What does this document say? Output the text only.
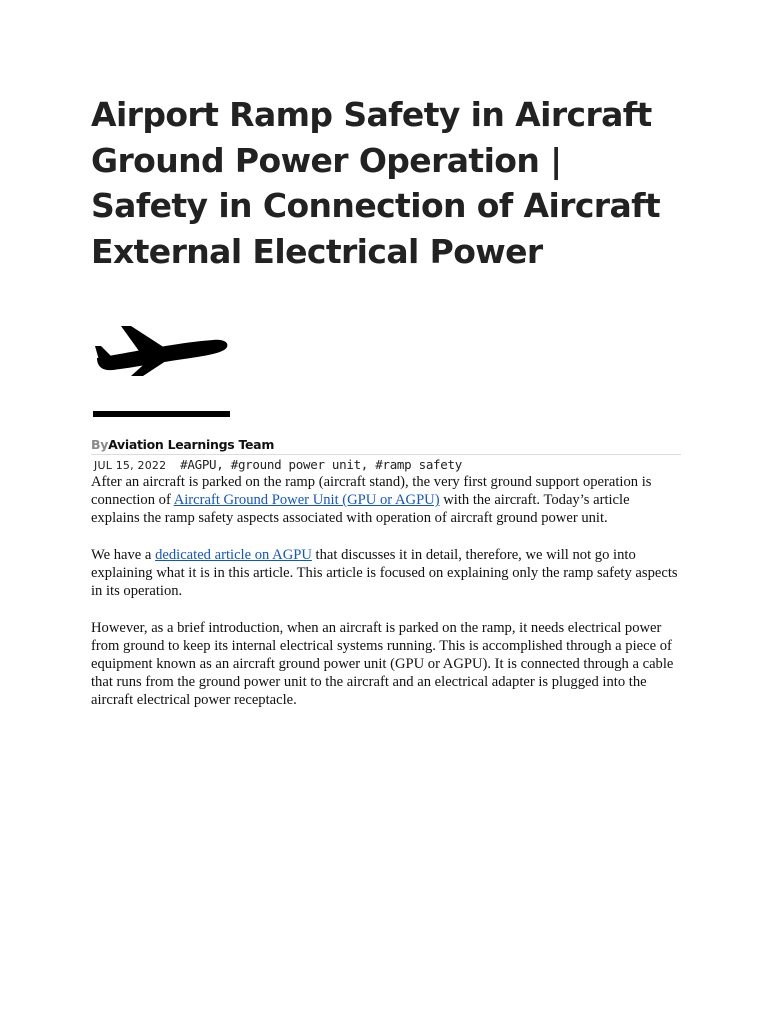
Airport Ramp Safety in Aircraft Ground Power Operation | Safety in Connection of Aircraft External Electrical Power
ByAviation Learnings Team
JUL 15, 2022 #AGPU, #ground power unit, #ramp safety

After an aircraft is parked on the ramp (aircraft stand), the very first ground support operation is connection of Aircraft Ground Power Unit (GPU or AGPU) with the aircraft. Today’s article explains the ramp safety aspects associated with operation of aircraft ground power unit.

We have a dedicated article on AGPU that discusses it in detail, therefore, we will not go into explaining what it is in this article. This article is focused on explaining only the ramp safety aspects in its operation.

However, as a brief introduction, when an aircraft is parked on the ramp, it needs electrical power from ground to keep its internal electrical systems running. This is accomplished through a piece of equipment known as an aircraft ground power unit (GPU or AGPU). It is connected through a cable that runs from the ground power unit to the aircraft and an electrical adapter is plugged into the aircraft electrical power receptacle.
